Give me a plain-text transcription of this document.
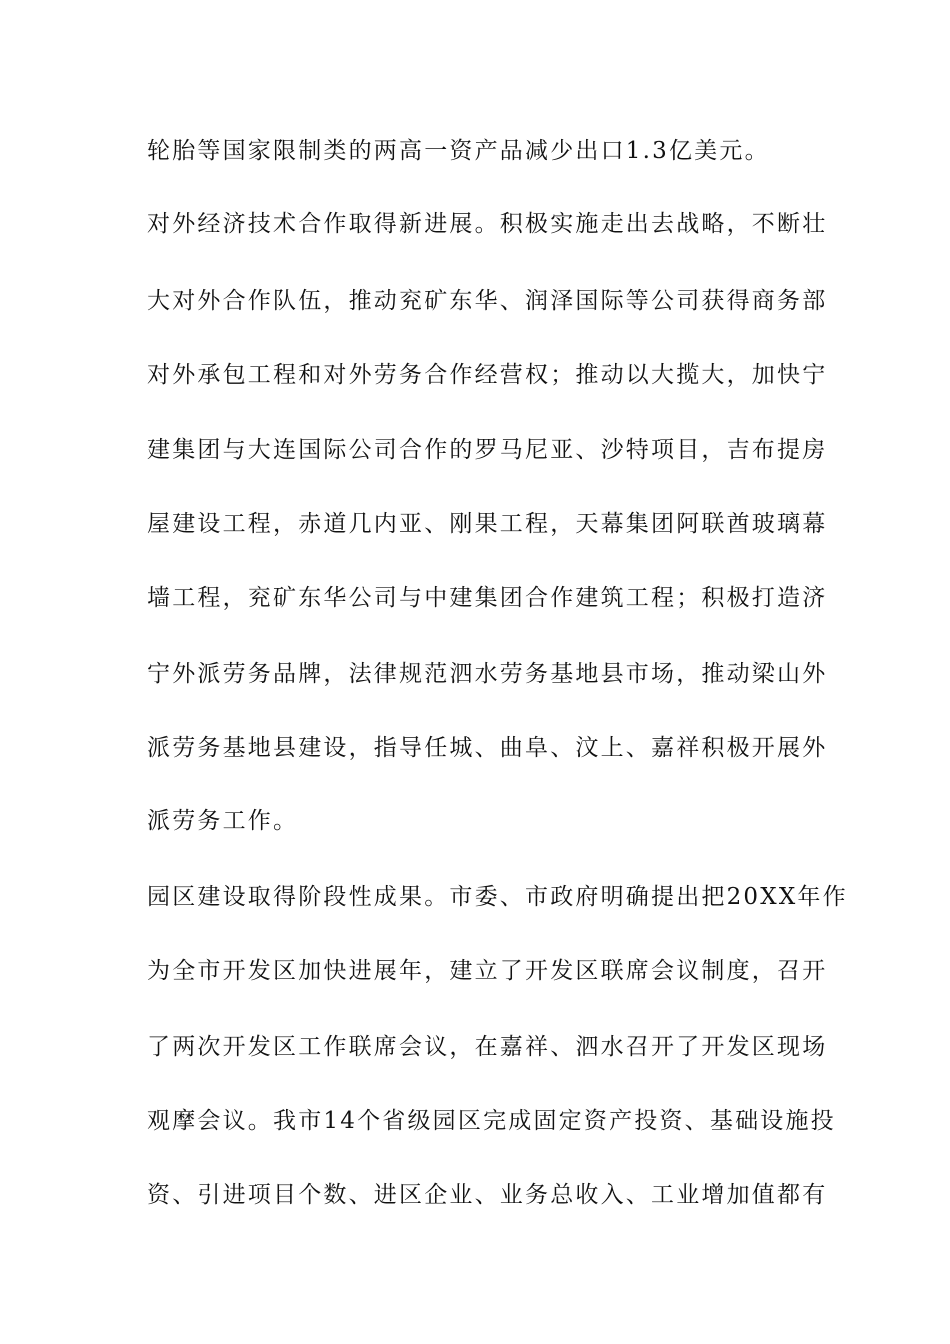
轮胎等国家限制类的两高一资产品减少出口1.3亿美元。
对外经济技术合作取得新进展。积极实施走出去战略，不断壮
大对外合作队伍，推动兖矿东华、润泽国际等公司获得商务部
对外承包工程和对外劳务合作经营权；推动以大揽大，加快宁
建集团与大连国际公司合作的罗马尼亚、沙特项目，吉布提房
屋建设工程，赤道几内亚、刚果工程，天幕集团阿联酋玻璃幕
墙工程，兖矿东华公司与中建集团合作建筑工程；积极打造济
宁外派劳务品牌，法律规范泗水劳务基地县市场，推动梁山外
派劳务基地县建设，指导任城、曲阜、汶上、嘉祥积极开展外
派劳务工作。
园区建设取得阶段性成果。市委、市政府明确提出把20XX年作
为全市开发区加快进展年，建立了开发区联席会议制度，召开
了两次开发区工作联席会议，在嘉祥、泗水召开了开发区现场
观摩会议。我市14个省级园区完成固定资产投资、基础设施投
资、引进项目个数、进区企业、业务总收入、工业增加值都有
